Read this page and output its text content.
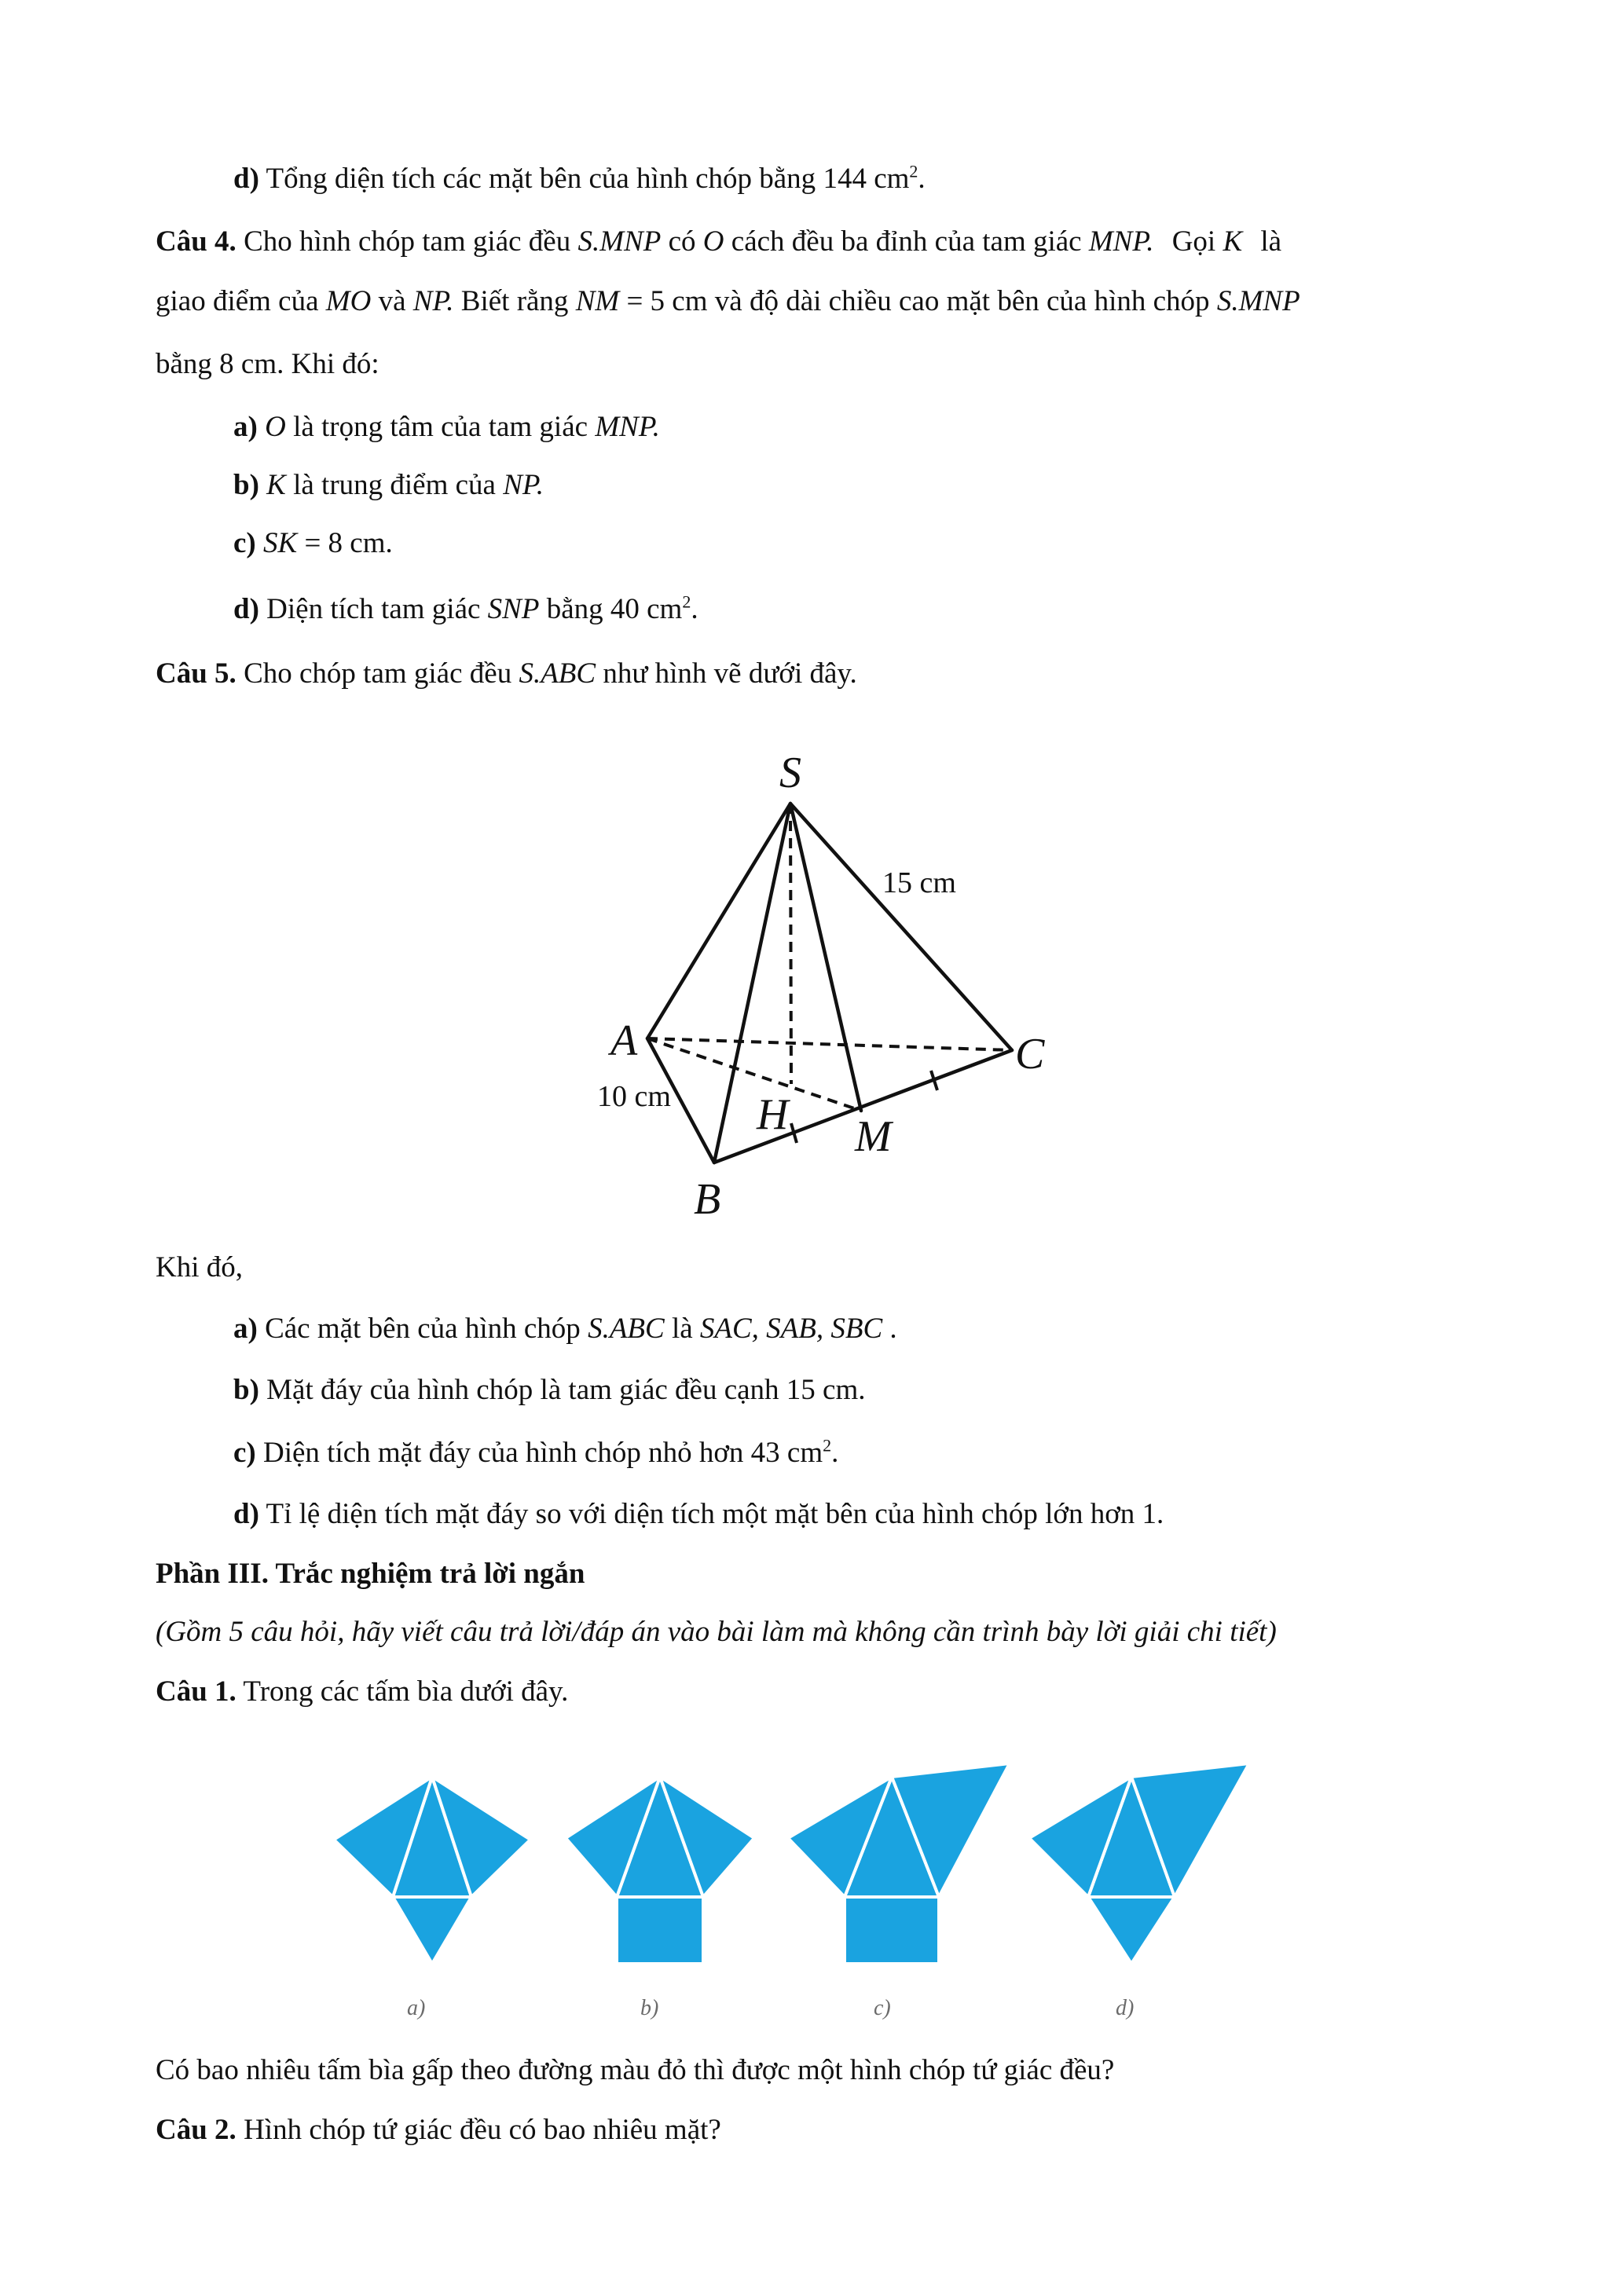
d) Tổng diện tích các mặt bên của hình chóp bằng 144 $cm^2$.
Câu 4. Cho hình chóp tam giác đều S.MNP có O cách đều ba đỉnh của tam giác MNP. Gọi K là
giao điểm của MO và NP. Biết rằng NM = 5 cm và độ dài chiều cao mặt bên của hình chóp S.MNP
bằng 8 cm. Khi đó:
a) O là trọng tâm của tam giác MNP.
b) K là trung điểm của NP.
c) SK = 8 cm.
d) Diện tích tam giác SNP bằng 40 $cm^2$.
Câu 5. Cho chóp tam giác đều S.ABC như hình vẽ dưới đây.
S
A
B
C
H M
15 cm
10 cm
Khi đó,
a) Các mặt bên của hình chóp S.ABC là SAC, SAB, SBC .
b) Mặt đáy của hình chóp là tam giác đều cạnh 15 cm.
c) Diện tích mặt đáy của hình chóp nhỏ hơn 43 $cm^2$.
d) Tỉ lệ diện tích mặt đáy so với diện tích một mặt bên của hình chóp lớn hơn 1.
Phần III. Trắc nghiệm trả lời ngắn
(Gồm 5 câu hỏi, hãy viết câu trả lời/đáp án vào bài làm mà không cần trình bày lời giải chi tiết)
Câu 1. Trong các tấm bìa dưới đây.
a)	b)	c)	d)
Có bao nhiêu tấm bìa gấp theo đường màu đỏ thì được một hình chóp tứ giác đều?
Câu 2. Hình chóp tứ giác đều có bao nhiêu mặt?
